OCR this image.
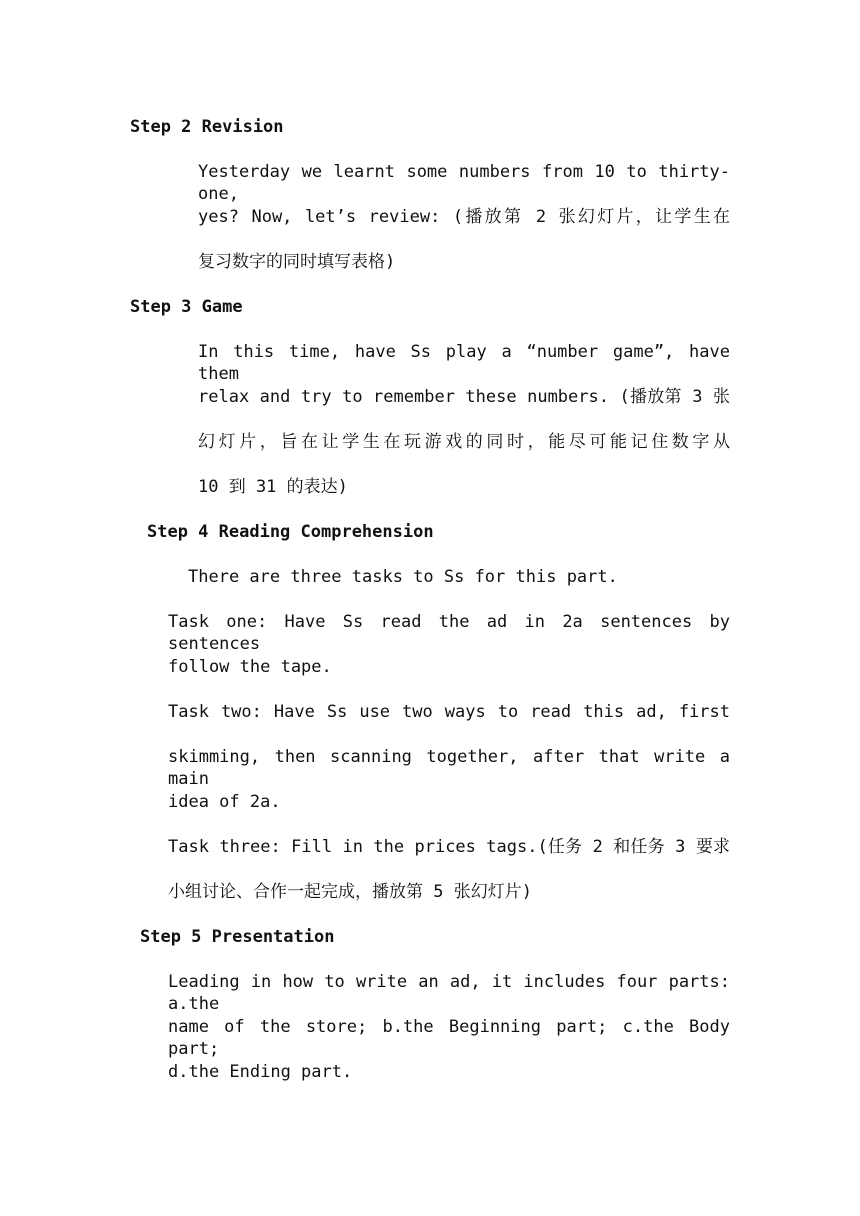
Step 2 Revision
Yesterday we learnt some numbers from 10 to thirty-one,
yes? Now, let’s review: (播放第 2 张幻灯片，让学生在
复习数字的同时填写表格)
Step 3 Game
In this time, have Ss play a “number game”, have them
relax and try to remember these numbers. (播放第 3 张
幻灯片，旨在让学生在玩游戏的同时，能尽可能记住数字从
10 到 31 的表达)
Step 4 Reading Comprehension
There are three tasks to Ss for this part.
Task one: Have Ss read the ad in 2a sentences by sentences
follow the tape.
Task two: Have Ss use two ways to read this ad, first
skimming, then scanning together, after that write a main
idea of 2a.
Task three: Fill in the prices tags.(任务 2 和任务 3 要求
小组讨论、合作一起完成，播放第 5 张幻灯片)
Step 5 Presentation
Leading in how to write an ad, it includes four parts: a.the
name of the store; b.the Beginning part; c.the Body part;
d.the Ending part.
